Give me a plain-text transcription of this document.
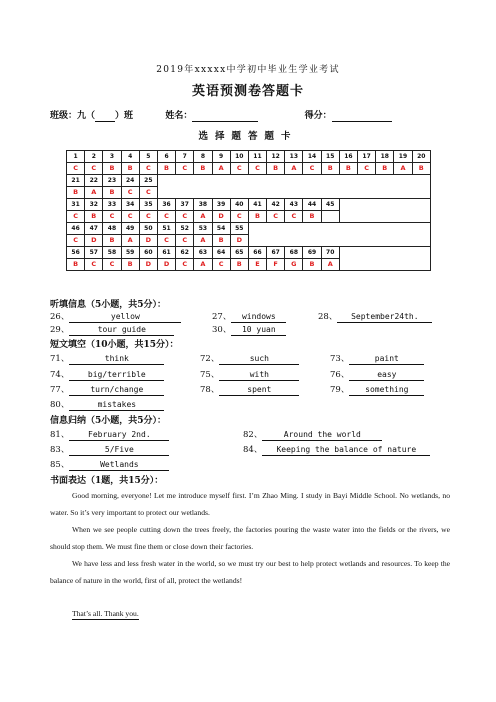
2019年xxxxx中学初中毕业生学业考试
英语预测卷答题卡
班级：九（ ）班	姓名：	得分：
选择题答题卡
1	2	3	4	5	6	7	8	9	10	11	12	13	14	15	16	17	18	19	20
C	C	B	B	C	B	C	B	A	C	C	B	A	C	B	B	C	B	A	B
21	22	23	24	25															
B	A	B	C	C															
31	32	33	34	35	36	37	38	39	40	41	42	43	44	45					
C	B	C	C	C	C	C	A	D	C	B	C	C	B						
46	47	48	49	50	51	52	53	54	55										
C	D	B	A	D	C	C	A	B	D										
56	57	58	59	60	61	62	63	64	65	66	67	68	69	70					
B	C	C	B	D	D	C	A	C	B	E	F	G	B	A					
听填信息（5小题，共5分）：
26、	yellow	27、 windows	28、 September24th.
29、	tour guide	30、 10 yuan
短文填空（10小题，共15分）：
71、	think	72、	such	73、	paint
74、 big/terrible	75、	with	76、	easy
77、	turn/change	78、	spent	79、 something
80、	mistakes
信息归纳（5小题，共5分）：
81、 February 2nd.	82、	Around the world
83、	5/Five	84、 Keeping the balance of nature
85、	Wetlands
书面表达（1题，共15分）：
Good morning, everyone! Let me introduce myself first. I’m Zhao Ming. I study in Bayi Middle School. No wetlands, no water. So it’s very important to protect our wetlands.
When we see people cutting down the trees freely, the factories pouring the waste water into the fields or the rivers, we should stop them. We must fine them or close down their factories.
We have less and less fresh water in the world, so we must try our best to help protect wetlands and resources. To keep the balance of nature in the world, first of all, protect the wetlands!
That’s all. Thank you.
